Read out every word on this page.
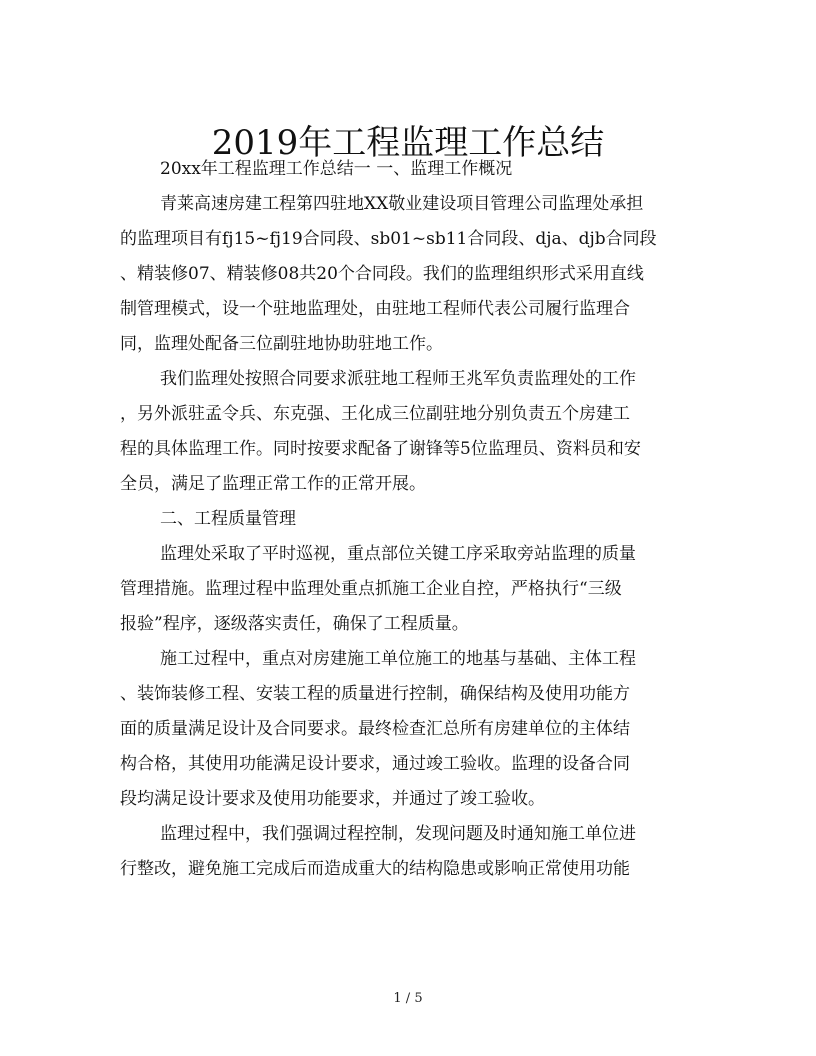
2019年工程监理工作总结
20xx年工程监理工作总结一 一、监理工作概况
青莱高速房建工程第四驻地XX敬业建设项目管理公司监理处承担
的监理项目有fj15~fj19合同段、sb01~sb11合同段、dja、djb合同段
、精装修07、精装修08共20个合同段。我们的监理组织形式采用直线
制管理模式，设一个驻地监理处，由驻地工程师代表公司履行监理合
同，监理处配备三位副驻地协助驻地工作。
我们监理处按照合同要求派驻地工程师王兆军负责监理处的工作
，另外派驻孟令兵、东克强、王化成三位副驻地分别负责五个房建工
程的具体监理工作。同时按要求配备了谢锋等5位监理员、资料员和安
全员，满足了监理正常工作的正常开展。
二、工程质量管理
监理处采取了平时巡视，重点部位关键工序采取旁站监理的质量
管理措施。监理过程中监理处重点抓施工企业自控，严格执行“三级
报验”程序，逐级落实责任，确保了工程质量。
施工过程中，重点对房建施工单位施工的地基与基础、主体工程
、装饰装修工程、安装工程的质量进行控制，确保结构及使用功能方
面的质量满足设计及合同要求。最终检查汇总所有房建单位的主体结
构合格，其使用功能满足设计要求，通过竣工验收。监理的设备合同
段均满足设计要求及使用功能要求，并通过了竣工验收。
监理过程中，我们强调过程控制，发现问题及时通知施工单位进
行整改，避免施工完成后而造成重大的结构隐患或影响正常使用功能
1 / 5
